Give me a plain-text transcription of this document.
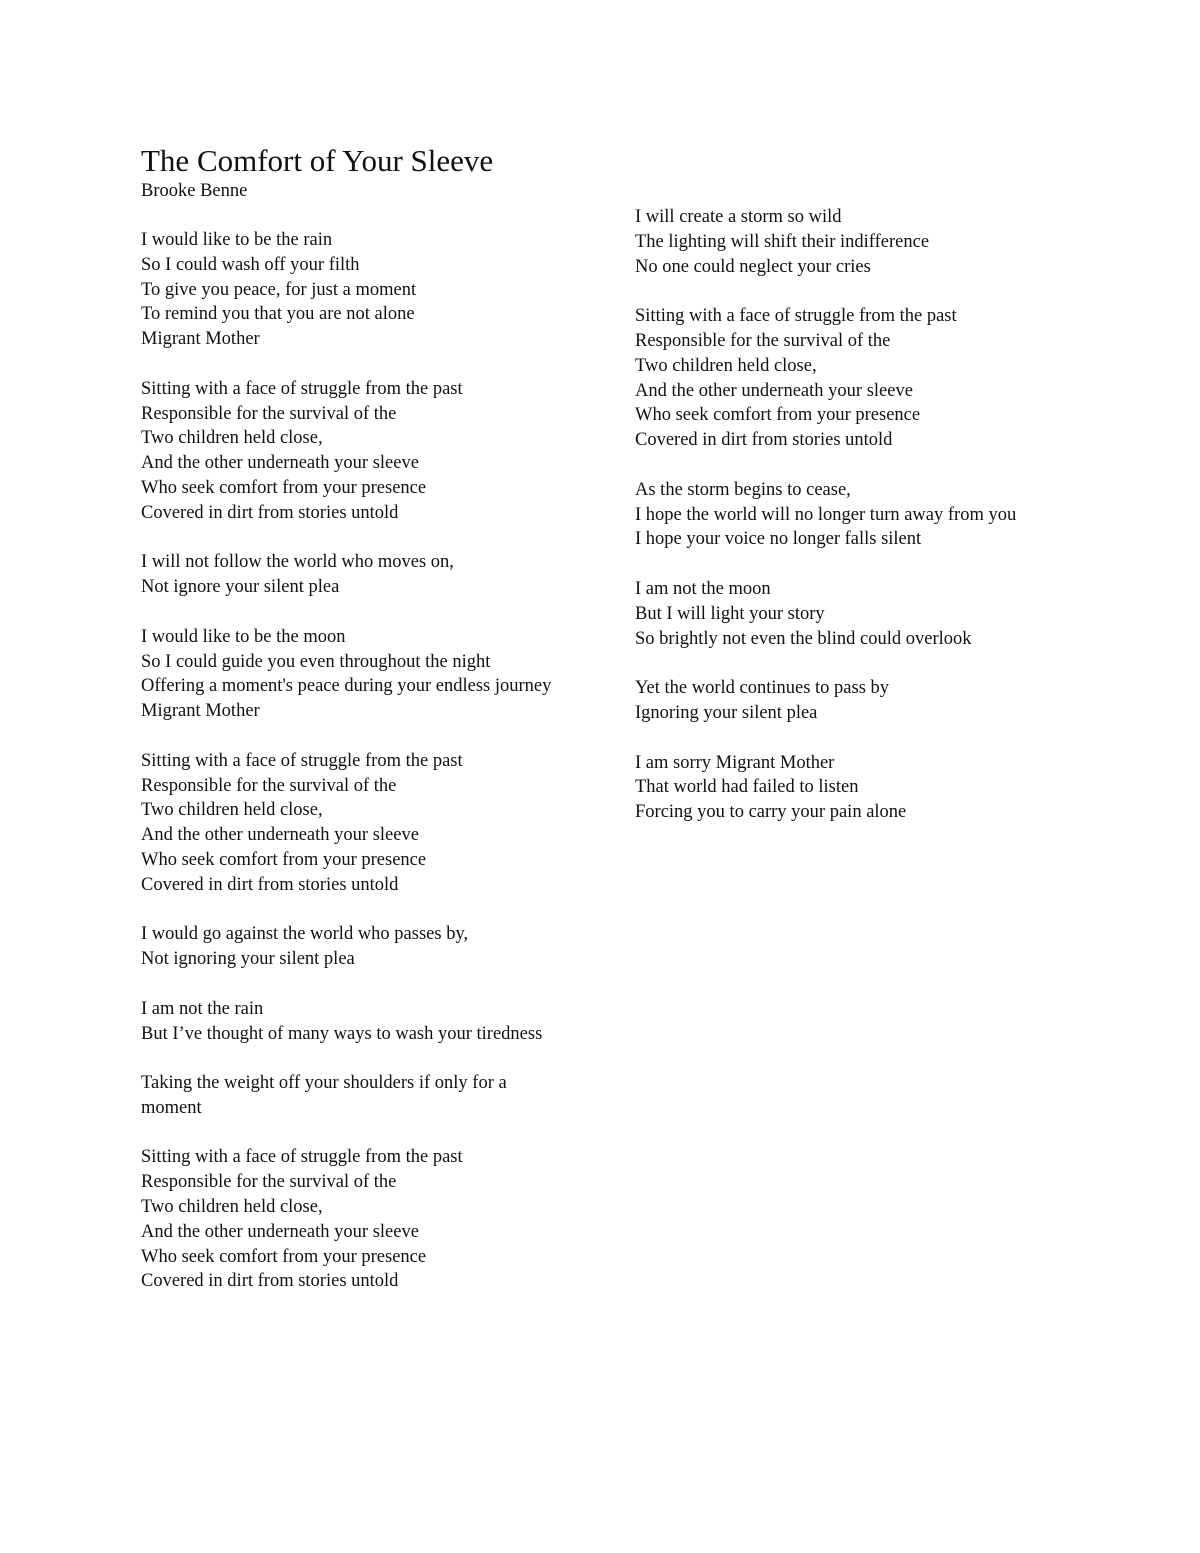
The Comfort of Your Sleeve

Brooke Benne

I would like to be the rain
So I could wash off your filth
To give you peace, for just a moment
To remind you that you are not alone
Migrant Mother
Sitting with a face of struggle from the past
Responsible for the survival of the
Two children held close,
And the other underneath your sleeve
Who seek comfort from your presence
Covered in dirt from stories untold
I will not follow the world who moves on,
Not ignore your silent plea
I would like to be the moon
So I could guide you even throughout the night
Offering a moment's peace during your endless journey
Migrant Mother
Sitting with a face of struggle from the past
Responsible for the survival of the
Two children held close,
And the other underneath your sleeve
Who seek comfort from your presence
Covered in dirt from stories untold
I would go against the world who passes by,
Not ignoring your silent plea
I am not the rain
But I’ve thought of many ways to wash your tiredness
Taking the weight off your shoulders if only for a moment
Sitting with a face of struggle from the past
Responsible for the survival of the
Two children held close,
And the other underneath your sleeve
Who seek comfort from your presence
Covered in dirt from stories untold
I will create a storm so wild
The lighting will shift their indifference
No one could neglect your cries
Sitting with a face of struggle from the past
Responsible for the survival of the
Two children held close,
And the other underneath your sleeve
Who seek comfort from your presence
Covered in dirt from stories untold
As the storm begins to cease,
I hope the world will no longer turn away from you
I hope your voice no longer falls silent
I am not the moon
But I will light your story
So brightly not even the blind could overlook
Yet the world continues to pass by
Ignoring your silent plea
I am sorry Migrant Mother
That world had failed to listen
Forcing you to carry your pain alone
